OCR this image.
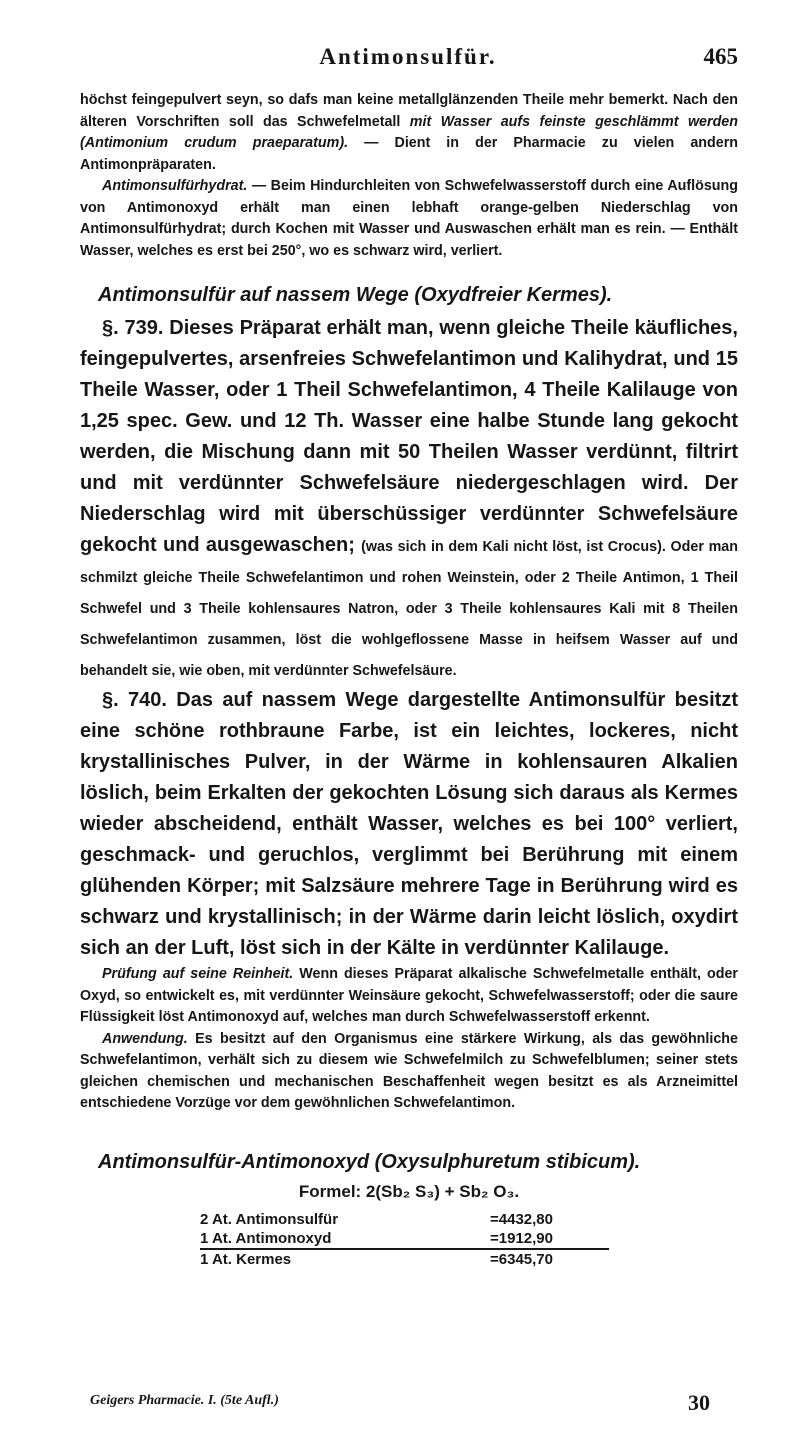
Antimonsulfür.	465

höchst feingepulvert seyn, so dafs man keine metallglänzenden Theile mehr bemerkt. Nach den älteren Vorschriften soll das Schwefelmetall mit Wasser aufs feinste geschlämmt werden (Antimonium crudum praeparatum). — Dient in der Pharmacie zu vielen andern Antimonpräparaten.

Antimonsulfürhydrat. — Beim Hindurchleiten von Schwefelwasserstoff durch eine Auflösung von Antimonoxyd erhält man einen lebhaft orange-gelben Niederschlag von Antimonsulfürhydrat; durch Kochen mit Wasser und Auswaschen erhält man es rein. — Enthält Wasser, welches es erst bei 250°, wo es schwarz wird, verliert.

Antimonsulfür auf nassem Wege (Oxydfreier Kermes).

§. 739. Dieses Präparat erhält man, wenn gleiche Theile käufliches, feingepulvertes, arsenfreies Schwefelantimon und Kalihydrat, und 15 Theile Wasser, oder 1 Theil Schwefelantimon, 4 Theile Kalilauge von 1,25 spec. Gew. und 12 Th. Wasser eine halbe Stunde lang gekocht werden, die Mischung dann mit 50 Theilen Wasser verdünnt, filtrirt und mit verdünnter Schwefelsäure niedergeschlagen wird. Der Niederschlag wird mit überschüssiger verdünnter Schwefelsäure gekocht und ausgewaschen; (was sich in dem Kali nicht löst, ist Crocus). Oder man schmilzt gleiche Theile Schwefelantimon und rohen Weinstein, oder 2 Theile Antimon, 1 Theil Schwefel und 3 Theile kohlensaures Natron, oder 3 Theile kohlensaures Kali mit 8 Theilen Schwefelantimon zusammen, löst die wohlgeflossene Masse in heifsem Wasser auf und behandelt sie, wie oben, mit verdünnter Schwefelsäure.

§. 740. Das auf nassem Wege dargestellte Antimonsulfür besitzt eine schöne rothbraune Farbe, ist ein leichtes, lockeres, nicht krystallinisches Pulver, in der Wärme in kohlensauren Alkalien löslich, beim Erkalten der gekochten Lösung sich daraus als Kermes wieder abscheidend, enthält Wasser, welches es bei 100° verliert, geschmack- und geruchlos, verglimmt bei Berührung mit einem glühenden Körper; mit Salzsäure mehrere Tage in Berührung wird es schwarz und krystallinisch; in der Wärme darin leicht löslich, oxydirt sich an der Luft, löst sich in der Kälte in verdünnter Kalilauge.

Prüfung auf seine Reinheit. Wenn dieses Präparat alkalische Schwefelmetalle enthält, oder Oxyd, so entwickelt es, mit verdünnter Weinsäure gekocht, Schwefelwasserstoff; oder die saure Flüssigkeit löst Antimonoxyd auf, welches man durch Schwefelwasserstoff erkennt.

Anwendung. Es besitzt auf den Organismus eine stärkere Wirkung, als das gewöhnliche Schwefelantimon, verhält sich zu diesem wie Schwefelmilch zu Schwefelblumen; seiner stets gleichen chemischen und mechanischen Beschaffenheit wegen besitzt es als Arzneimittel entschiedene Vorzüge vor dem gewöhnlichen Schwefelantimon.

Antimonsulfür-Antimonoxyd (Oxysulphuretum stibicum).
Formel: 2(Sb₂ S₃) + Sb₂ O₃.
2 At. Antimonsulfür	=	4432,80
1 At. Antimonoxyd	=	1912,90
1 At. Kermes	=	6345,70
Geigers Pharmacie. I. (5te Aufl.)	30
